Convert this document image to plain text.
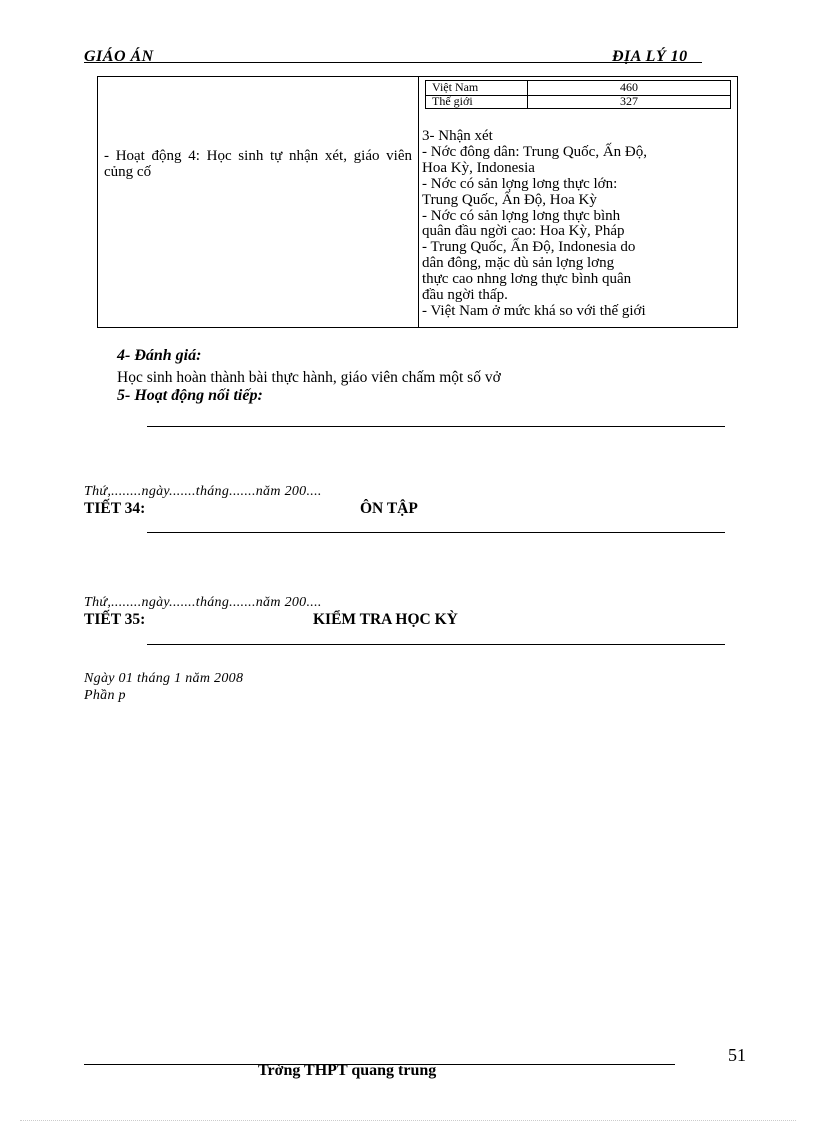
GIÁO ÁN	ĐỊA LÝ 10
- Hoạt động 4: Học sinh tự nhận xét, giáo viên củng cố
Việt Nam	460
Thế giới	327
3- Nhận xét
- Nớc đông dân: Trung Quốc, Ấn Độ,
Hoa Kỳ, Indonesia
- Nớc có sản lợng lơng thực lớn:
Trung Quốc, Ấn Độ, Hoa Kỳ
- Nớc có sản lợng lơng thực bình
quân đầu ngời cao: Hoa Kỳ, Pháp
- Trung Quốc, Ấn Độ, Indonesia do
dân đông, mặc dù sản lợng lơng
thực cao nhng lơng thực bình quân
đầu ngời thấp.
- Việt Nam ở mức khá so với thế giới
4- Đánh giá:
Học sinh hoàn thành bài thực hành, giáo viên chấm một số vở
5- Hoạt động nối tiếp:
Thứ,........ngày.......tháng.......năm 200....
TIẾT 34:	ÔN TẬP
Thứ,........ngày.......tháng.......năm 200....
TIẾT 35:	KIỂM TRA HỌC KỲ
Ngày 01 tháng 1 năm 2008
Phần p
51
Trờng THPT quang trung
